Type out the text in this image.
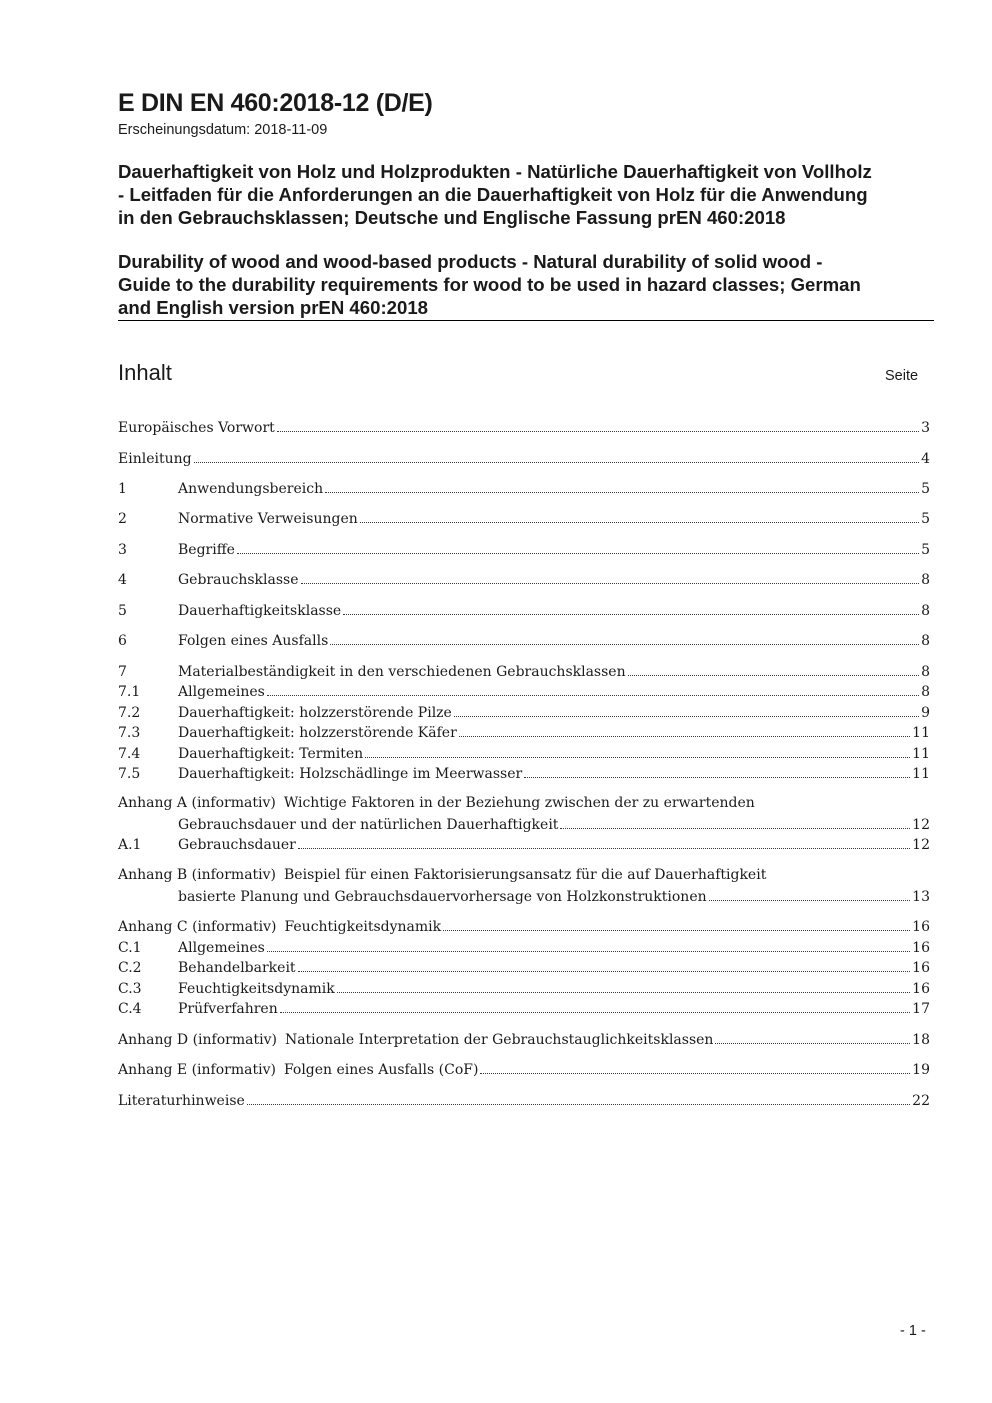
E DIN EN 460:2018-12 (D/E)
Erscheinungsdatum: 2018-11-09
Dauerhaftigkeit von Holz und Holzprodukten - Natürliche Dauerhaftigkeit von Vollholz
- Leitfaden für die Anforderungen an die Dauerhaftigkeit von Holz für die Anwendung
in den Gebrauchsklassen; Deutsche und Englische Fassung prEN 460:2018
Durability of wood and wood-based products - Natural durability of solid wood -
Guide to the durability requirements for wood to be used in hazard classes; German
and English version prEN 460:2018
Inhalt	Seite
Europäisches Vorwort	3
Einleitung	4
1	Anwendungsbereich	5
2	Normative Verweisungen	5
3	Begriffe	5
4	Gebrauchsklasse	8
5	Dauerhaftigkeitsklasse	8
6	Folgen eines Ausfalls	8
7	Materialbeständigkeit in den verschiedenen Gebrauchsklassen	8
7.1	Allgemeines	8
7.2	Dauerhaftigkeit: holzzerstörende Pilze	9
7.3	Dauerhaftigkeit: holzzerstörende Käfer	11
7.4	Dauerhaftigkeit: Termiten	11
7.5	Dauerhaftigkeit: Holzschädlinge im Meerwasser	11
Anhang A (informativ) Wichtige Faktoren in der Beziehung zwischen der zu erwartenden
Gebrauchsdauer und der natürlichen Dauerhaftigkeit	12
A.1	Gebrauchsdauer	12
Anhang B (informativ) Beispiel für einen Faktorisierungsansatz für die auf Dauerhaftigkeit
basierte Planung und Gebrauchsdauervorhersage von Holzkonstruktionen	13
Anhang C (informativ) Feuchtigkeitsdynamik	16
C.1	Allgemeines	16
C.2	Behandelbarkeit	16
C.3	Feuchtigkeitsdynamik	16
C.4	Prüfverfahren	17
Anhang D (informativ) Nationale Interpretation der Gebrauchstauglichkeitsklassen	18
Anhang E (informativ) Folgen eines Ausfalls (CoF)	19
Literaturhinweise	22
- 1 -
